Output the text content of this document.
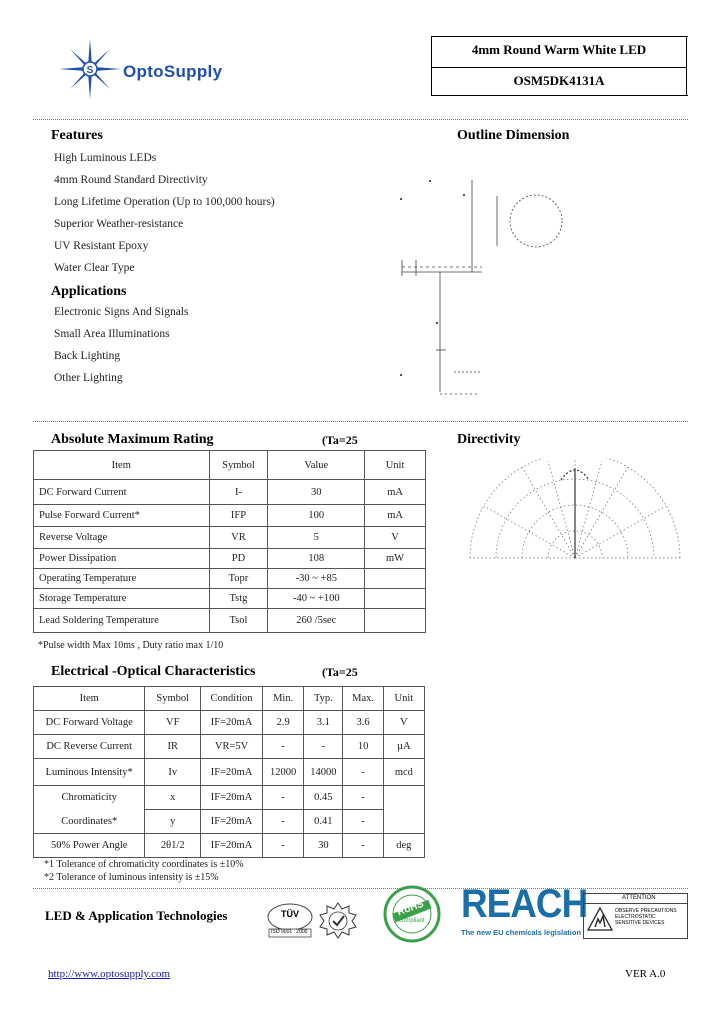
S OptoSupply
4mm Round Warm White LED
OSM5DK4131A
Features
High Luminous LEDs
4mm Round Standard Directivity
Long Lifetime Operation (Up to 100,000 hours)
Superior Weather-resistance
UV Resistant Epoxy
Water Clear Type
Applications
Electronic Signs And Signals
Small Area Illuminations
Back Lighting
Other Lighting
Outline Dimension
Absolute Maximum Rating	(Ta=25
Item	Symbol	Value	Unit
DC Forward Current	I-	30	mA
Pulse Forward Current*	IFP	100	mA
Reverse Voltage	VR	5	V
Power Dissipation	PD	108	mW
Operating Temperature	Topr	-30 ~ +85	
Storage Temperature	Tstg	-40 ~ +100	
Lead Soldering Temperature	Tsol	260 /5sec	
*Pulse width Max 10ms , Duty ratio max 1/10
Directivity
Electrical -Optical Characteristics	(Ta=25
Item	Symbol	Condition	Min.	Typ.	Max.	Unit
DC Forward Voltage	VF	IF=20mA	2.9	3.1	3.6	V
DC Reverse Current	IR	VR=5V	-	-	10	µA
Luminous Intensity*	Iv	IF=20mA	12000	14000	-	mcd
Chromaticity	x	IF=20mA	-	0.45	-	
Coordinates*	y	IF=20mA	-	0.41	-	
50% Power Angle	2θ1/2	IF=20mA	-	30	-	deg
*1 Tolerance of chromaticity coordinates is ±10%
*2 Tolerance of luminous intensity is ±15%
LED & Application Technologies	TÜV
ISO 9001 : 2000
RoHS
compliant REACH
The new EU chemicals legislation
ATTENTION
OBSERVE PRECAUTIONS
ELECTROSTATIC
SENSITIVE DEVICES
http://www.optosupply.com	VER A.0
